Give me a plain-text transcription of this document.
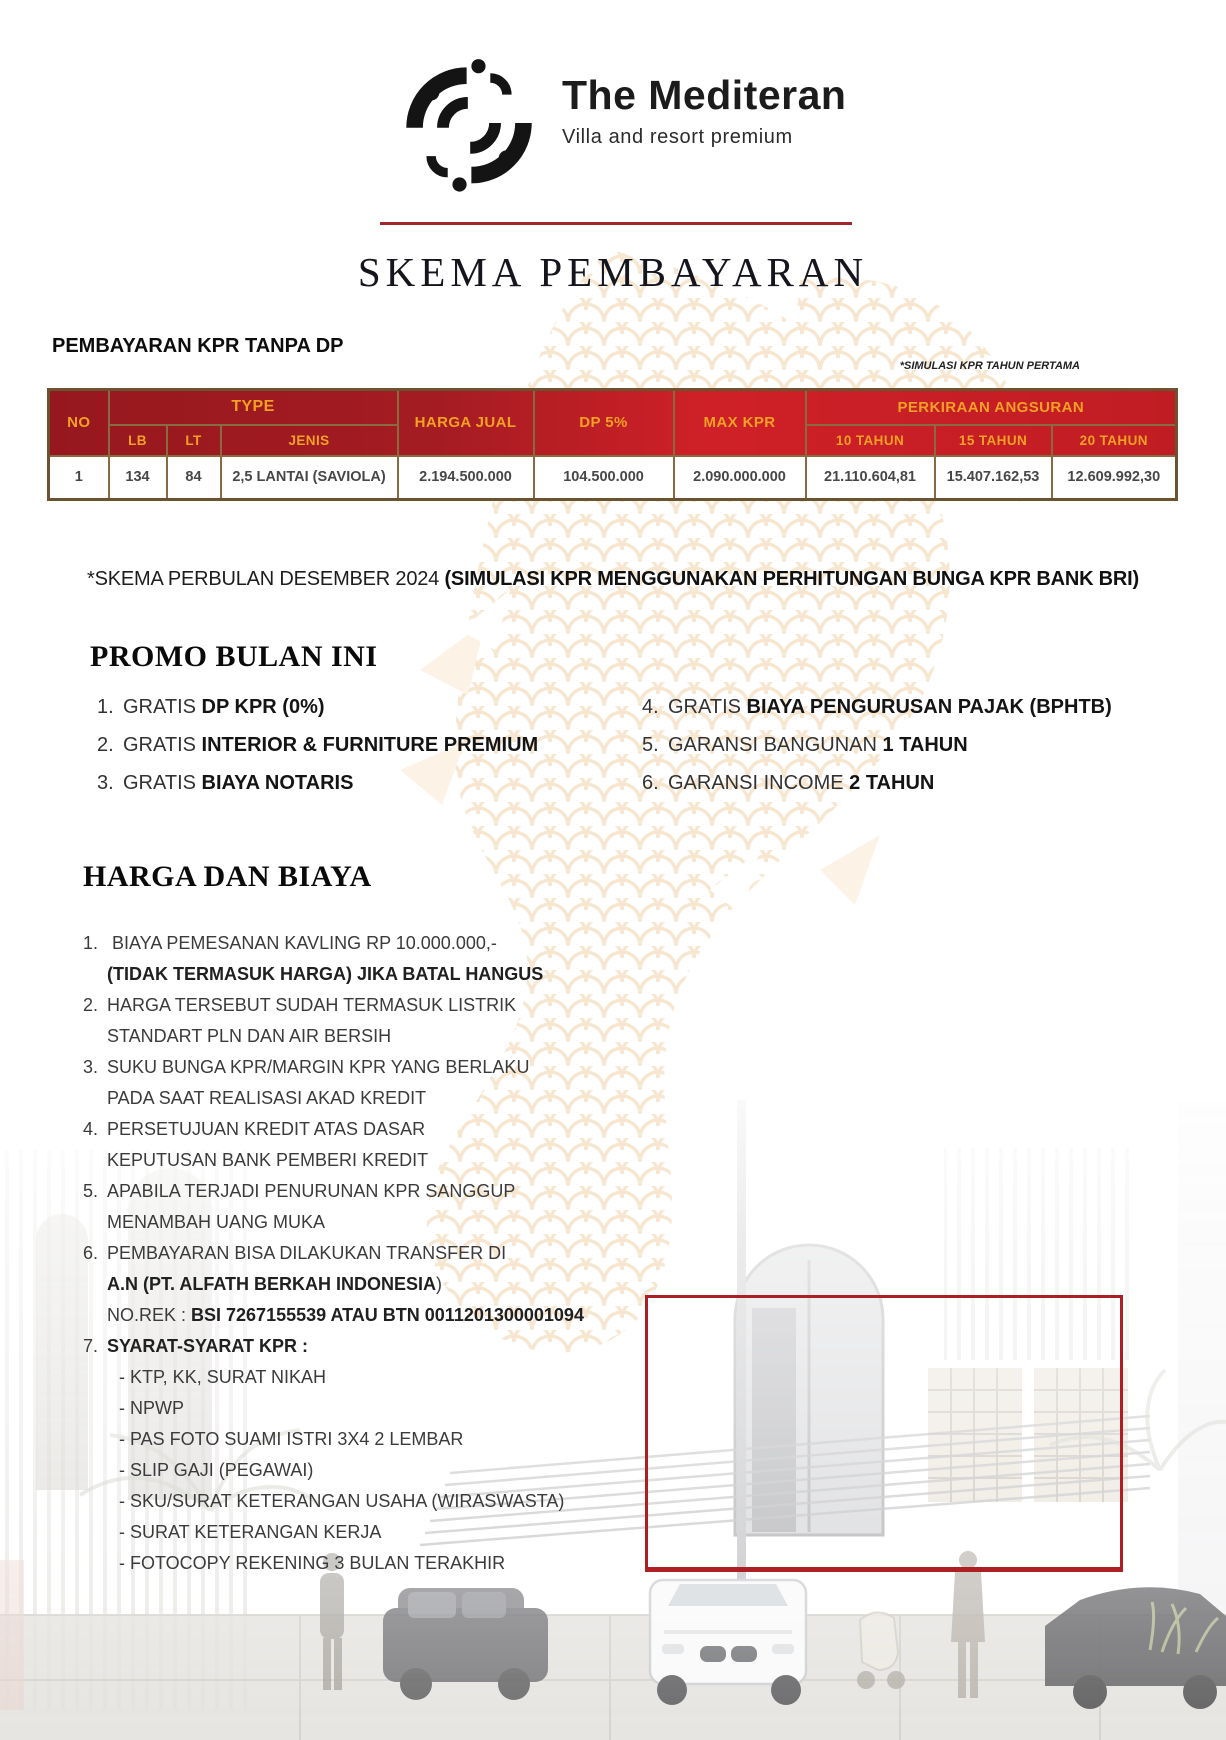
The Mediteran
Villa and resort premium
SKEMA PEMBAYARAN
PEMBAYARAN KPR TANPA DP
*SIMULASI KPR TAHUN PERTAMA
NO	TYPE			HARGA JUAL	DP 5%	MAX KPR	PERKIRAAN ANGSURAN		
	LB	LT	JENIS				10 TAHUN	15 TAHUN	20 TAHUN
1	134	84	2,5 LANTAI (SAVIOLA)	2.194.500.000	104.500.000	2.090.000.000	21.110.604,81	15.407.162,53	12.609.992,30
*SKEMA PERBULAN DESEMBER 2024 (SIMULASI KPR MENGGUNAKAN PERHITUNGAN BUNGA KPR BANK BRI)
PROMO BULAN INI
1. GRATIS DP KPR (0%)
2. GRATIS INTERIOR & FURNITURE PREMIUM
3. GRATIS BIAYA NOTARIS
4. GRATIS BIAYA PENGURUSAN PAJAK (BPHTB)
5. GARANSI BANGUNAN 1 TAHUN
6. GARANSI INCOME 2 TAHUN
HARGA DAN BIAYA
1. BIAYA PEMESANAN KAVLING RP 10.000.000,-
(TIDAK TERMASUK HARGA) JIKA BATAL HANGUS
2. HARGA TERSEBUT SUDAH TERMASUK LISTRIK
STANDART PLN DAN AIR BERSIH
3. SUKU BUNGA KPR/MARGIN KPR YANG BERLAKU
PADA SAAT REALISASI AKAD KREDIT
4. PERSETUJUAN KREDIT ATAS DASAR
KEPUTUSAN BANK PEMBERI KREDIT
5. APABILA TERJADI PENURUNAN KPR SANGGUP
MENAMBAH UANG MUKA
6. PEMBAYARAN BISA DILAKUKAN TRANSFER DI
A.N (PT. ALFATH BERKAH INDONESIA)
NO.REK : BSI 7267155539 ATAU BTN 0011201300001094
7. SYARAT-SYARAT KPR :
- KTP, KK, SURAT NIKAH
- NPWP
- PAS FOTO SUAMI ISTRI 3X4 2 LEMBAR
- SLIP GAJI (PEGAWAI)
- SKU/SURAT KETERANGAN USAHA (WIRASWASTA)
- SURAT KETERANGAN KERJA
- FOTOCOPY REKENING 3 BULAN TERAKHIR
